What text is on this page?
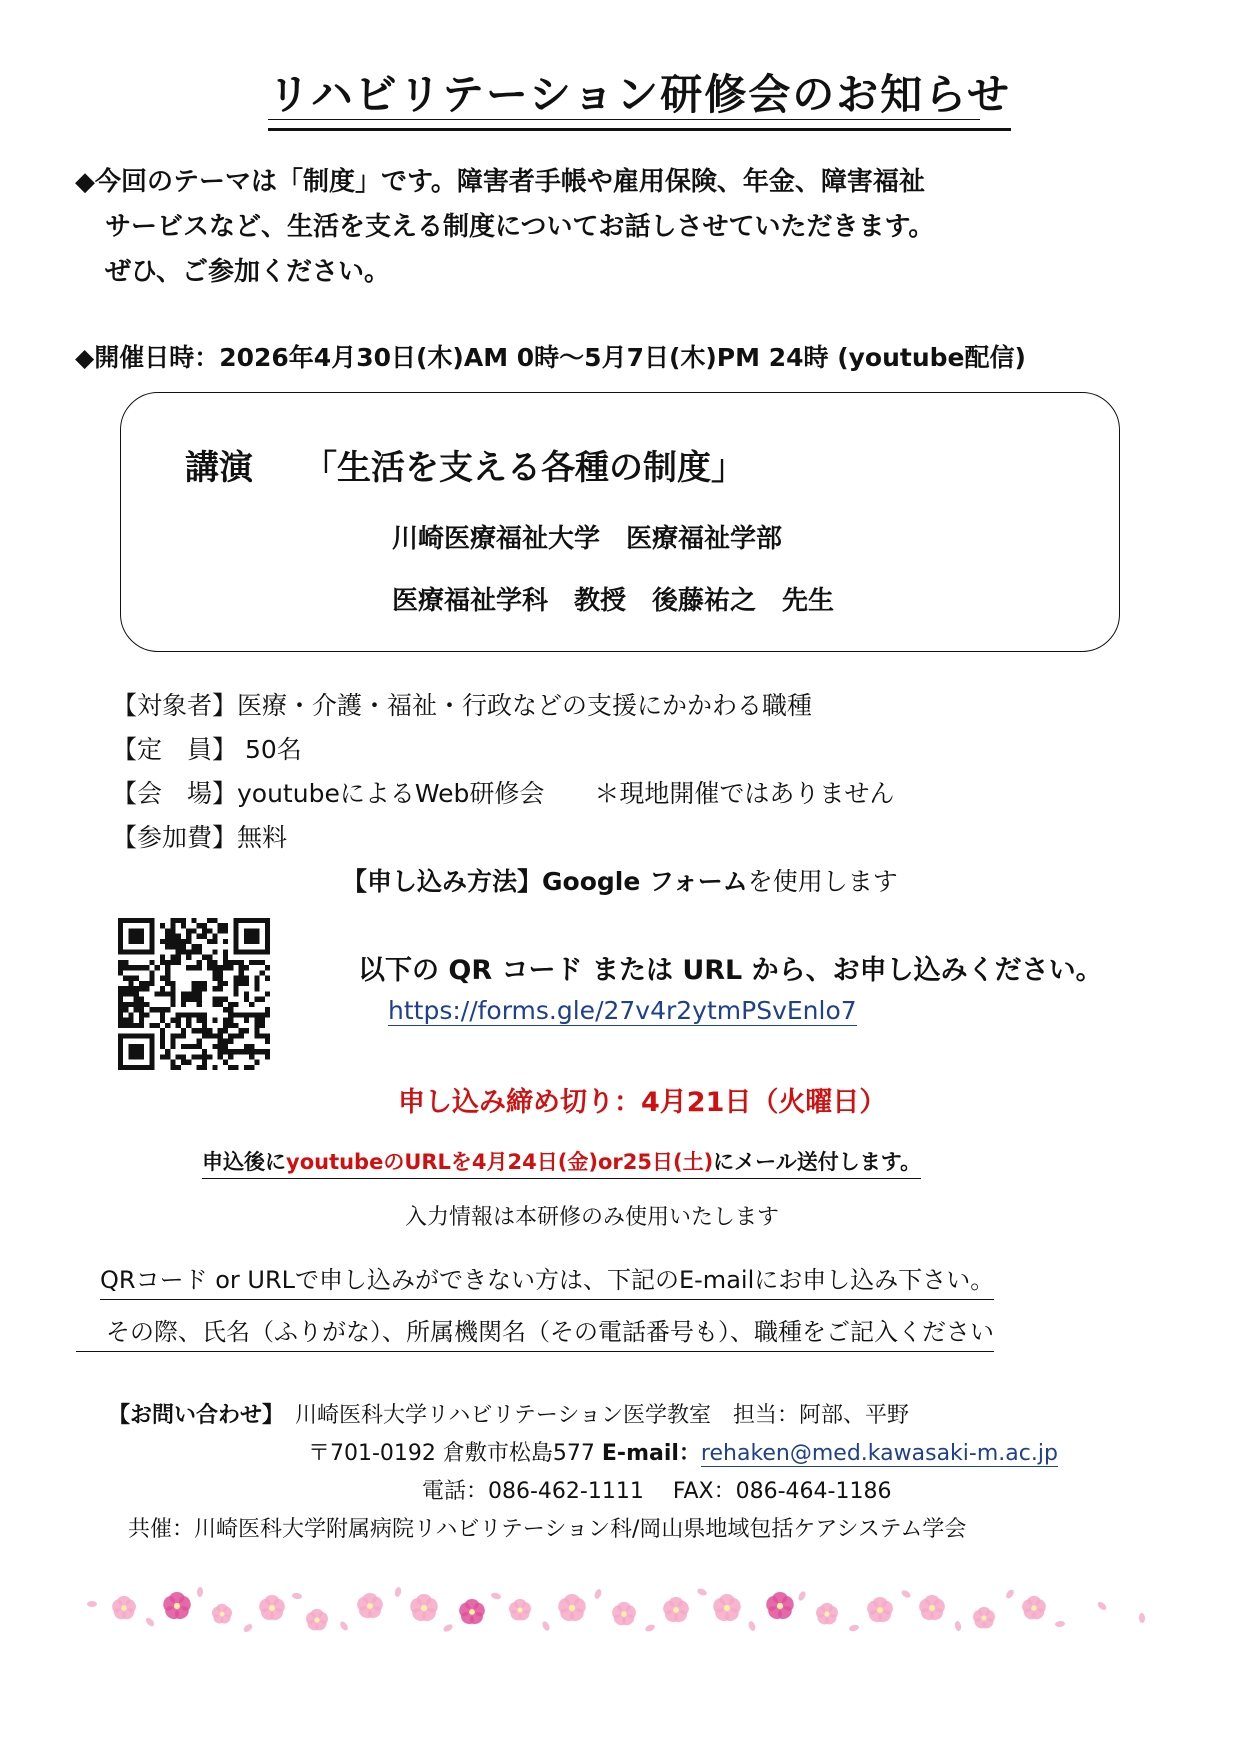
リハビリテーション研修会のお知らせ
◆今回のテーマは「制度」です。障害者手帳や雇用保険、年金、障害福祉
サービスなど、生活を支える制度についてお話しさせていただきます。
ぜひ、ご参加ください。
◆開催日時：2026年4月30日(木)AM 0時～5月7日(木)PM 24時 (youtube配信)
講演 「生活を支える各種の制度」
川崎医療福祉大学　医療福祉学部
医療福祉学科　教授　後藤祐之　先生
【対象者】医療・介護・福祉・行政などの支援にかかわる職種
【定　員】 50名
【会　場】youtubeによるWeb研修会　　＊現地開催ではありません
【参加費】無料
【申し込み方法】Google フォームを使用します
以下の QR コード または URL から、お申し込みください。
https://forms.gle/27v4r2ytmPSvEnlo7
申し込み締め切り：4月21日（火曜日）
申込後にyoutubeのURLを4月24日(金)or25日(土)にメール送付します。
入力情報は本研修のみ使用いたします
QRコード or URLで申し込みができない方は、下記のE-mailにお申し込み下さい。
その際、氏名（ふりがな）、所属機関名（その電話番号も）、職種をご記入ください
【お問い合わせ】　 川崎医科大学リハビリテーション医学教室　担当：阿部、平野
〒701-0192 倉敷市松島577 E-mail：rehaken@med.kawasaki-m.ac.jp
電話：086-462-1111　 FAX：086-464-1186
共催：川崎医科大学附属病院リハビリテーション科/岡山県地域包括ケアシステム学会
